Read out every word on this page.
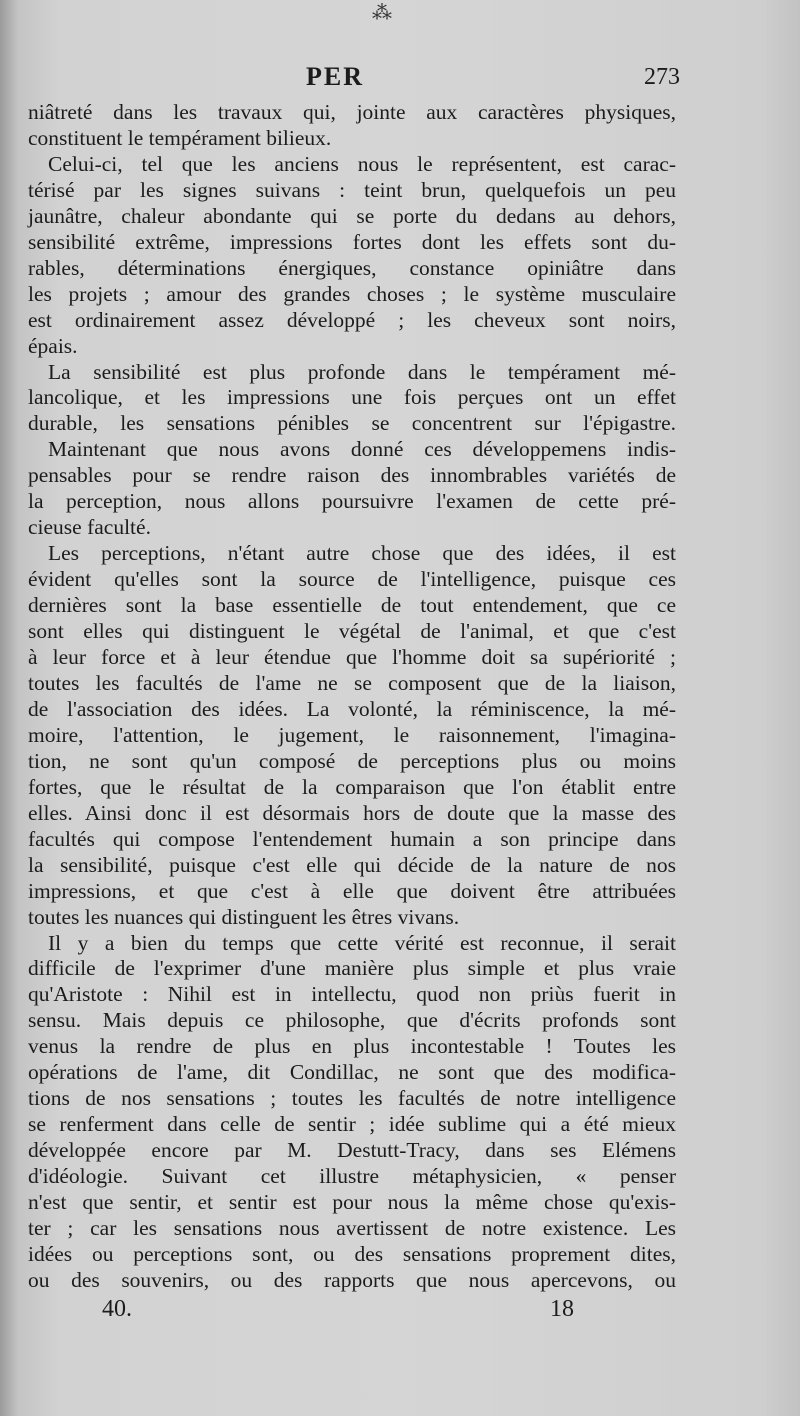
⁂
PER	273

niâtreté dans les travaux qui, jointe aux caractères physiques,

constituent le tempérament bilieux.

Celui-ci, tel que les anciens nous le représentent, est carac-

térisé par les signes suivans : teint brun, quelquefois un peu

jaunâtre, chaleur abondante qui se porte du dedans au dehors,

sensibilité extrême, impressions fortes dont les effets sont du-

rables, déterminations énergiques, constance opiniâtre dans

les projets ; amour des grandes choses ; le système musculaire

est ordinairement assez développé ; les cheveux sont noirs,

épais.

La sensibilité est plus profonde dans le tempérament mé-

lancolique, et les impressions une fois perçues ont un effet

durable, les sensations pénibles se concentrent sur l'épigastre.

Maintenant que nous avons donné ces développemens indis-

pensables pour se rendre raison des innombrables variétés de

la perception, nous allons poursuivre l'examen de cette pré-

cieuse faculté.

Les perceptions, n'étant autre chose que des idées, il est

évident qu'elles sont la source de l'intelligence, puisque ces

dernières sont la base essentielle de tout entendement, que ce

sont elles qui distinguent le végétal de l'animal, et que c'est

à leur force et à leur étendue que l'homme doit sa supériorité ;

toutes les facultés de l'ame ne se composent que de la liaison,

de l'association des idées. La volonté, la réminiscence, la mé-

moire, l'attention, le jugement, le raisonnement, l'imagina-

tion, ne sont qu'un composé de perceptions plus ou moins

fortes, que le résultat de la comparaison que l'on établit entre

elles. Ainsi donc il est désormais hors de doute que la masse des

facultés qui compose l'entendement humain a son principe dans

la sensibilité, puisque c'est elle qui décide de la nature de nos

impressions, et que c'est à elle que doivent être attribuées

toutes les nuances qui distinguent les êtres vivans.

Il y a bien du temps que cette vérité est reconnue, il serait

difficile de l'exprimer d'une manière plus simple et plus vraie

qu'Aristote : Nihil est in intellectu, quod non priùs fuerit in

sensu. Mais depuis ce philosophe, que d'écrits profonds sont

venus la rendre de plus en plus incontestable ! Toutes les

opérations de l'ame, dit Condillac, ne sont que des modifica-

tions de nos sensations ; toutes les facultés de notre intelligence

se renferment dans celle de sentir ; idée sublime qui a été mieux

développée encore par M. Destutt-Tracy, dans ses Elémens

d'idéologie. Suivant cet illustre métaphysicien, « penser

n'est que sentir, et sentir est pour nous la même chose qu'exis-

ter ; car les sensations nous avertissent de notre existence. Les

idées ou perceptions sont, ou des sensations proprement dites,

ou des souvenirs, ou des rapports que nous apercevons, ou

40.	18
